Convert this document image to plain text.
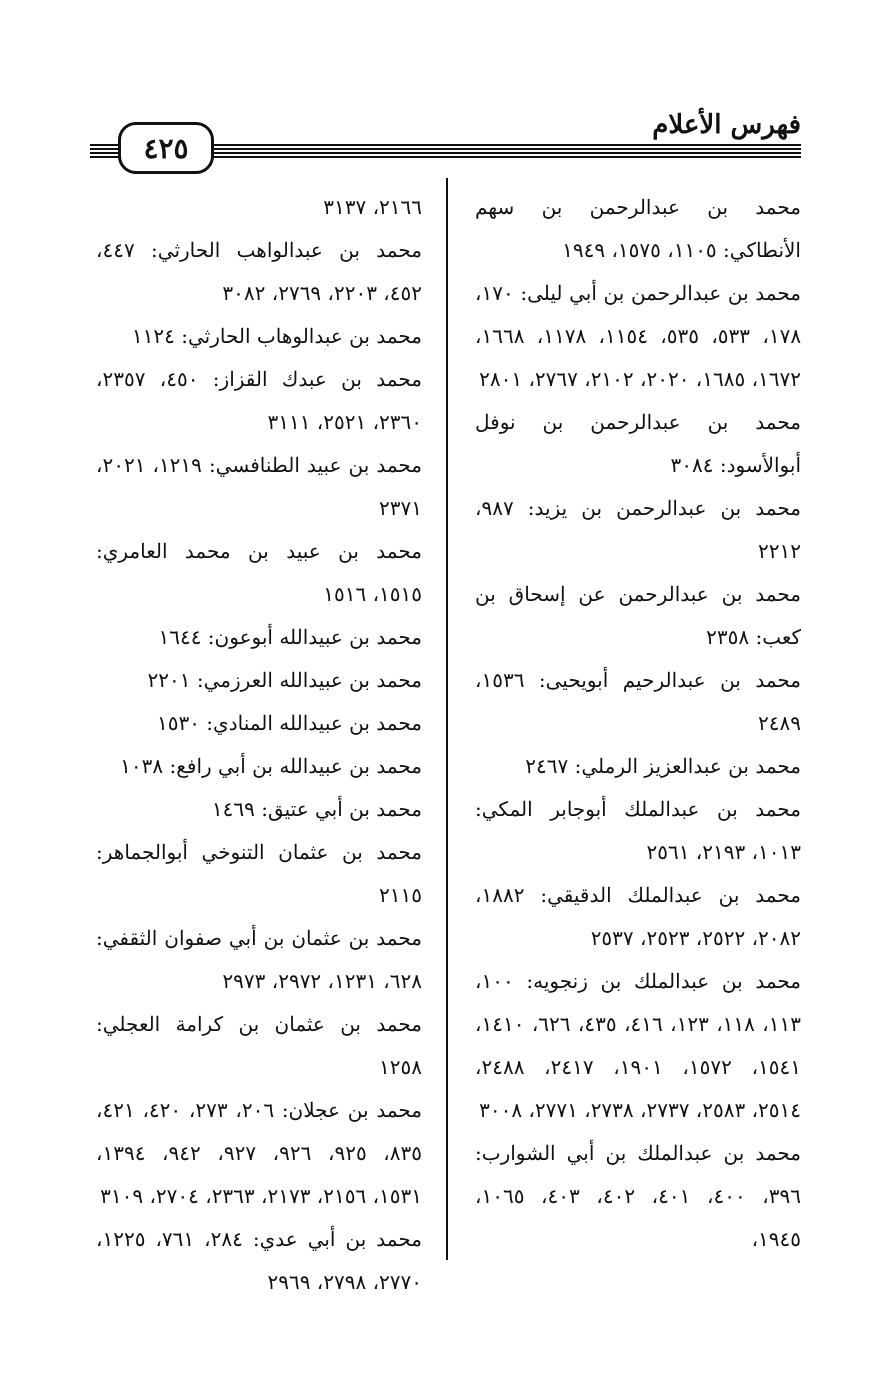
فهرس الأعلام
٤٢٥

محمد بن عبدالرحمن بن سهم الأنطاكي: ١١٠٥، ١٥٧٥، ١٩٤٩

محمد بن عبدالرحمن بن أبي ليلى: ١٧٠، ١٧٨، ٥٣٣، ٥٣٥، ١١٥٤، ١١٧٨، ١٦٦٨، ١٦٧٢، ١٦٨٥، ٢٠٢٠، ٢١٠٢، ٢٧٦٧، ٢٨٠١

محمد بن عبدالرحمن بن نوفل أبوالأسود: ٣٠٨٤

محمد بن عبدالرحمن بن يزيد: ٩٨٧، ٢٢١٢

محمد بن عبدالرحمن عن إسحاق بن كعب: ٢٣٥٨

محمد بن عبدالرحيم أبويحيى: ١٥٣٦، ٢٤٨٩

محمد بن عبدالعزيز الرملي: ٢٤٦٧

محمد بن عبدالملك أبوجابر المكي: ١٠١٣، ٢١٩٣، ٢٥٦١

محمد بن عبدالملك الدقيقي: ١٨٨٢، ٢٠٨٢، ٢٥٢٢، ٢٥٢٣، ٢٥٣٧

محمد بن عبدالملك بن زنجويه: ١٠٠، ١١٣، ١١٨، ١٢٣، ٤١٦، ٤٣٥، ٦٢٦، ١٤١٠، ١٥٤١، ١٥٧٢، ١٩٠١، ٢٤١٧، ٢٤٨٨، ٢٥١٤، ٢٥٨٣، ٢٧٣٧، ٢٧٣٨، ٢٧٧١، ٣٠٠٨

محمد بن عبدالملك بن أبي الشوارب: ٣٩٦، ٤٠٠، ٤٠١، ٤٠٢، ٤٠٣، ١٠٦٥، ١٩٤٥،

٢١٦٦، ٣١٣٧

محمد بن عبدالواهب الحارثي: ٤٤٧، ٤٥٢، ٢٢٠٣، ٢٧٦٩، ٣٠٨٢

محمد بن عبدالوهاب الحارثي: ١١٢٤

محمد بن عبدك القزاز: ٤٥٠، ٢٣٥٧، ٢٣٦٠، ٢٥٢١، ٣١١١

محمد بن عبيد الطنافسي: ١٢١٩، ٢٠٢١، ٢٣٧١

محمد بن عبيد بن محمد العامري: ١٥١٥، ١٥١٦

محمد بن عبيدالله أبوعون: ١٦٤٤

محمد بن عبيدالله العرزمي: ٢٢٠١

محمد بن عبيدالله المنادي: ١٥٣٠

محمد بن عبيدالله بن أبي رافع: ١٠٣٨

محمد بن أبي عتيق: ١٤٦٩

محمد بن عثمان التنوخي أبوالجماهر: ٢١١٥

محمد بن عثمان بن أبي صفوان الثقفي: ٦٢٨، ١٢٣١، ٢٩٧٢، ٢٩٧٣

محمد بن عثمان بن كرامة العجلي: ١٢٥٨

محمد بن عجلان: ٢٠٦، ٢٧٣، ٤٢٠، ٤٢١، ٨٣٥، ٩٢٥، ٩٢٦، ٩٢٧، ٩٤٢، ١٣٩٤، ١٥٣١، ٢١٥٦، ٢١٧٣، ٢٣٦٣، ٢٧٠٤، ٣١٠٩

محمد بن أبي عدي: ٢٨٤، ٧٦١، ١٢٢٥، ٢٧٧٠، ٢٧٩٨، ٢٩٦٩
